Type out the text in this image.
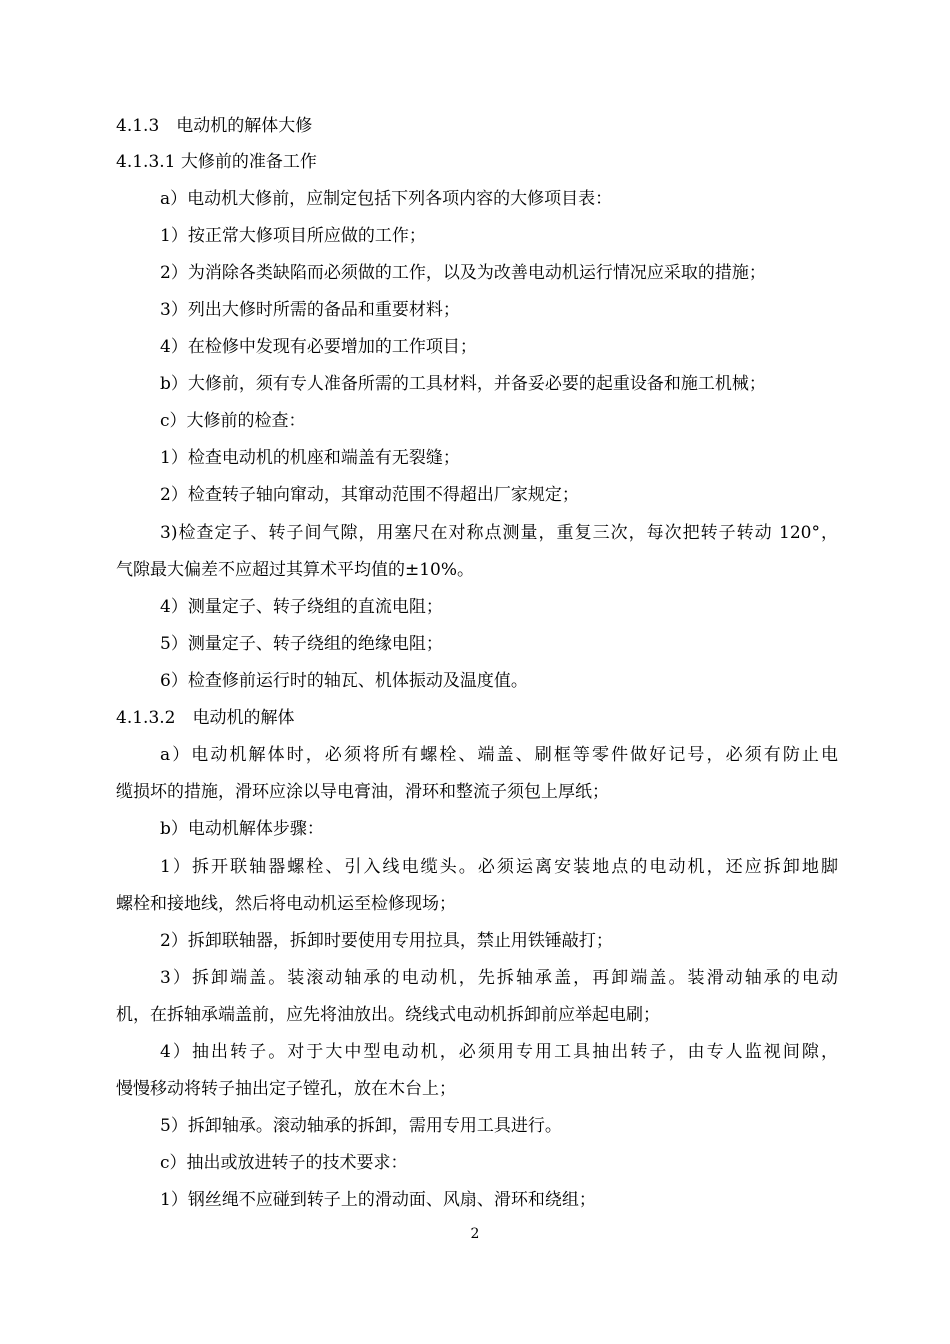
4.1.3　电动机的解体大修
4.1.3.1 大修前的准备工作
a）电动机大修前，应制定包括下列各项内容的大修项目表：
1）按正常大修项目所应做的工作；
2）为消除各类缺陷而必须做的工作，以及为改善电动机运行情况应采取的措施；
3）列出大修时所需的备品和重要材料；
4）在检修中发现有必要增加的工作项目；
b）大修前，须有专人准备所需的工具材料，并备妥必要的起重设备和施工机械；
c）大修前的检查：
1）检查电动机的机座和端盖有无裂缝；
2）检查转子轴向窜动，其窜动范围不得超出厂家规定；
3)检查定子、转子间气隙，用塞尺在对称点测量，重复三次，每次把转子转动 120°，
气隙最大偏差不应超过其算术平均值的±10%。
4）测量定子、转子绕组的直流电阻；
5）测量定子、转子绕组的绝缘电阻；
6）检查修前运行时的轴瓦、机体振动及温度值。
4.1.3.2　电动机的解体
a）电动机解体时，必须将所有螺栓、端盖、刷框等零件做好记号，必须有防止电
缆损坏的措施，滑环应涂以导电膏油，滑环和整流子须包上厚纸；
b）电动机解体步骤：
1）拆开联轴器螺栓、引入线电缆头。必须运离安装地点的电动机，还应拆卸地脚
螺栓和接地线，然后将电动机运至检修现场；
2）拆卸联轴器，拆卸时要使用专用拉具，禁止用铁锤敲打；
3）拆卸端盖。装滚动轴承的电动机，先拆轴承盖，再卸端盖。装滑动轴承的电动
机，在拆轴承端盖前，应先将油放出。绕线式电动机拆卸前应举起电刷；
4）抽出转子。对于大中型电动机，必须用专用工具抽出转子，由专人监视间隙，
慢慢移动将转子抽出定子镗孔，放在木台上；
5）拆卸轴承。滚动轴承的拆卸，需用专用工具进行。
c）抽出或放进转子的技术要求：
1）钢丝绳不应碰到转子上的滑动面、风扇、滑环和绕组；
2
